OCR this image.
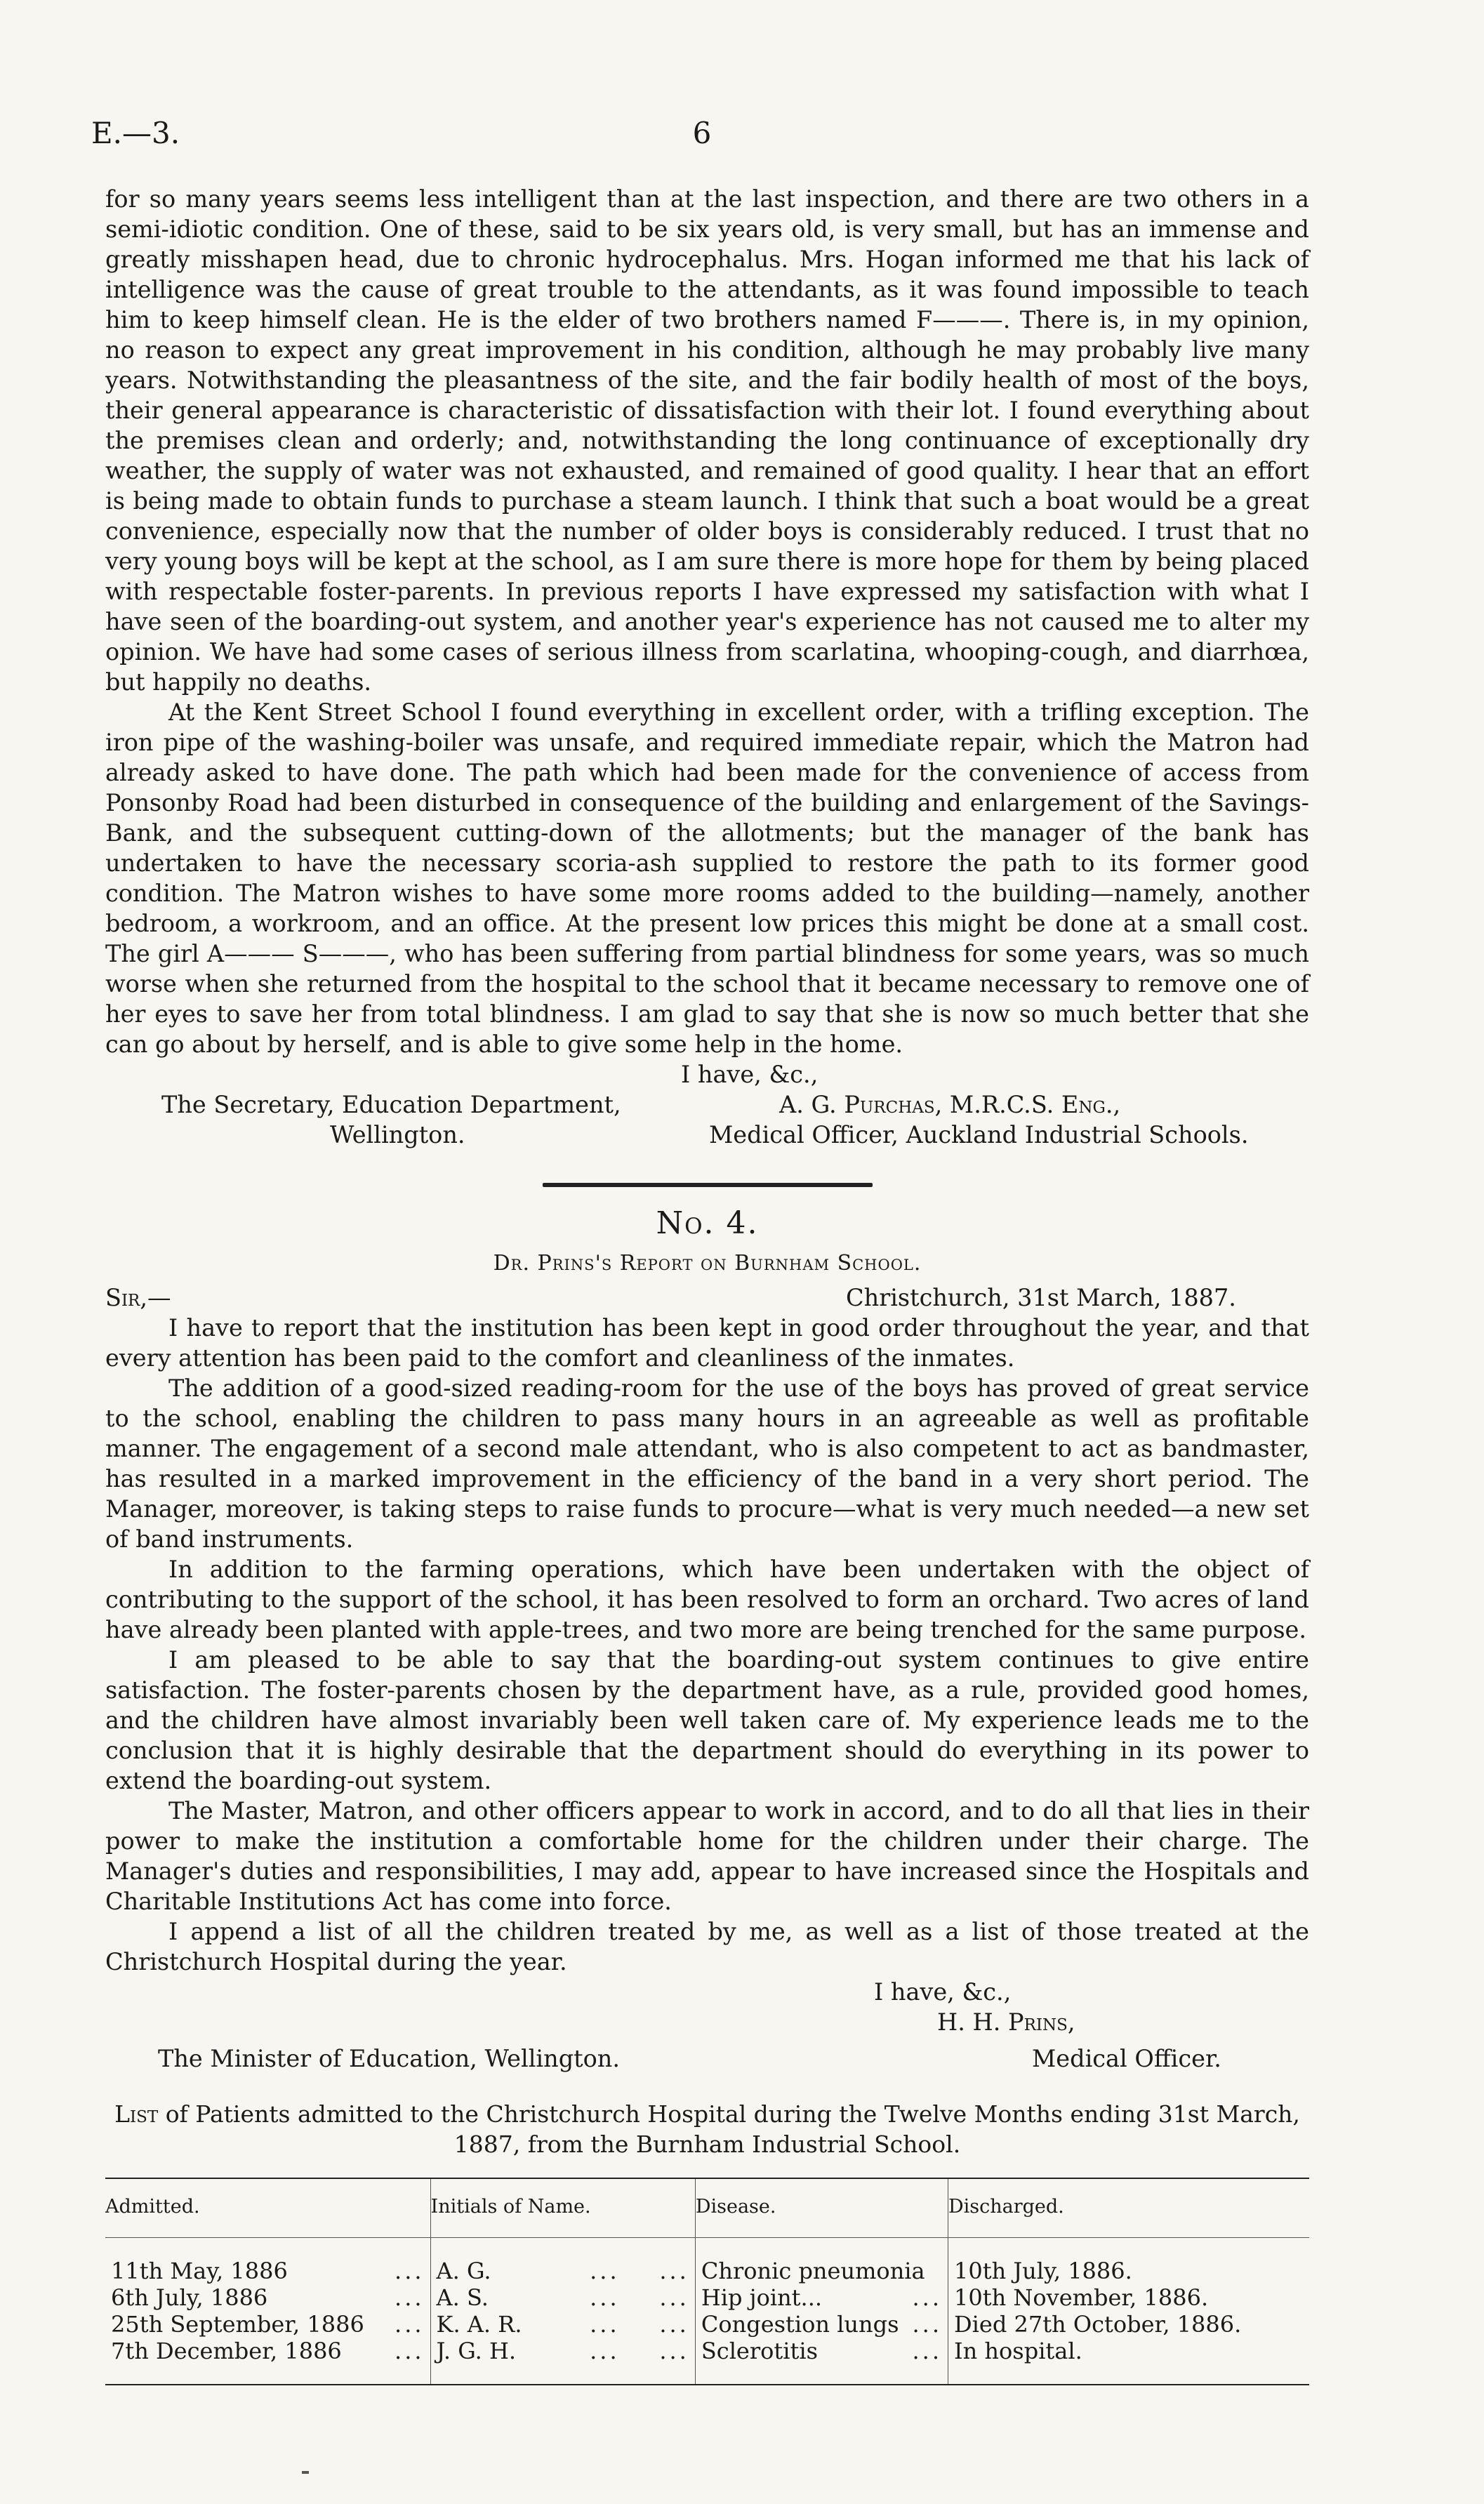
E.—3.	6

for so many years seems less intelligent than at the last inspection, and there are two others in a semi-idiotic condition. One of these, said to be six years old, is very small, but has an immense and greatly misshapen head, due to chronic hydrocephalus. Mrs. Hogan informed me that his lack of intelligence was the cause of great trouble to the attendants, as it was found impossible to teach him to keep himself clean. He is the elder of two brothers named F———. There is, in my opinion, no reason to expect any great improvement in his condition, although he may probably live many years. Notwithstanding the pleasantness of the site, and the fair bodily health of most of the boys, their general appearance is characteristic of dissatisfaction with their lot. I found everything about the premises clean and orderly; and, notwithstanding the long continuance of exceptionally dry weather, the supply of water was not exhausted, and remained of good quality. I hear that an effort is being made to obtain funds to purchase a steam launch. I think that such a boat would be a great convenience, especially now that the number of older boys is considerably reduced. I trust that no very young boys will be kept at the school, as I am sure there is more hope for them by being placed with respectable foster-parents. In previous reports I have expressed my satisfaction with what I have seen of the boarding-out system, and another year's experience has not caused me to alter my opinion. We have had some cases of serious illness from scarlatina, whooping-cough, and diarrhœa, but happily no deaths.

At the Kent Street School I found everything in excellent order, with a trifling exception. The iron pipe of the washing-boiler was unsafe, and required immediate repair, which the Matron had already asked to have done. The path which had been made for the convenience of access from Ponsonby Road had been disturbed in consequence of the building and enlargement of the Savings-Bank, and the subsequent cutting-down of the allotments; but the manager of the bank has undertaken to have the necessary scoria-ash supplied to restore the path to its former good condition. The Matron wishes to have some more rooms added to the building—namely, another bedroom, a workroom, and an office. At the present low prices this might be done at a small cost. The girl A——— S———, who has been suffering from partial blindness for some years, was so much worse when she returned from the hospital to the school that it became necessary to remove one of her eyes to save her from total blindness. I am glad to say that she is now so much better that she can go about by herself, and is able to give some help in the home.

I have, &c.,
The Secretary, Education Department,
Wellington.
A. G. Purchas, M.R.C.S. Eng.,
Medical Officer, Auckland Industrial Schools.
No. 4.
Dr. Prins's Report on Burnham School.
Sir,—	Christchurch, 31st March, 1887.

I have to report that the institution has been kept in good order throughout the year, and that every attention has been paid to the comfort and cleanliness of the inmates.

The addition of a good-sized reading-room for the use of the boys has proved of great service to the school, enabling the children to pass many hours in an agreeable as well as profitable manner. The engagement of a second male attendant, who is also competent to act as bandmaster, has resulted in a marked improvement in the efficiency of the band in a very short period. The Manager, moreover, is taking steps to raise funds to procure—what is very much needed—a new set of band instruments.

In addition to the farming operations, which have been undertaken with the object of contributing to the support of the school, it has been resolved to form an orchard. Two acres of land have already been planted with apple-trees, and two more are being trenched for the same purpose.

I am pleased to be able to say that the boarding-out system continues to give entire satisfaction. The foster-parents chosen by the department have, as a rule, provided good homes, and the children have almost invariably been well taken care of. My experience leads me to the conclusion that it is highly desirable that the department should do everything in its power to extend the boarding-out system.

The Master, Matron, and other officers appear to work in accord, and to do all that lies in their power to make the institution a comfortable home for the children under their charge. The Manager's duties and responsibilities, I may add, appear to have increased since the Hospitals and Charitable Institutions Act has come into force.

I append a list of all the children treated by me, as well as a list of those treated at the Christchurch Hospital during the year.

I have, &c.,
H. H. Prins,
The Minister of Education, Wellington.	Medical Officer.
List of Patients admitted to the Christchurch Hospital during the Twelve Months ending 31st March, 1887, from the Burnham Industrial School.
Admitted.	Initials of Name.	Disease.	Discharged.
11th May, 1886 ...	A. G. ...    ...	Chronic pneumonia	10th July, 1886.
6th July, 1886 ...	A. S. ...    ...	Hip joint... ...	10th November, 1886.
25th September, 1886 ...	K. A. R. ...    ...	Congestion lungs ...	Died 27th October, 1886.
7th December, 1886 ...	J. G. H. ...    ...	Sclerotitis ...	In hospital.
